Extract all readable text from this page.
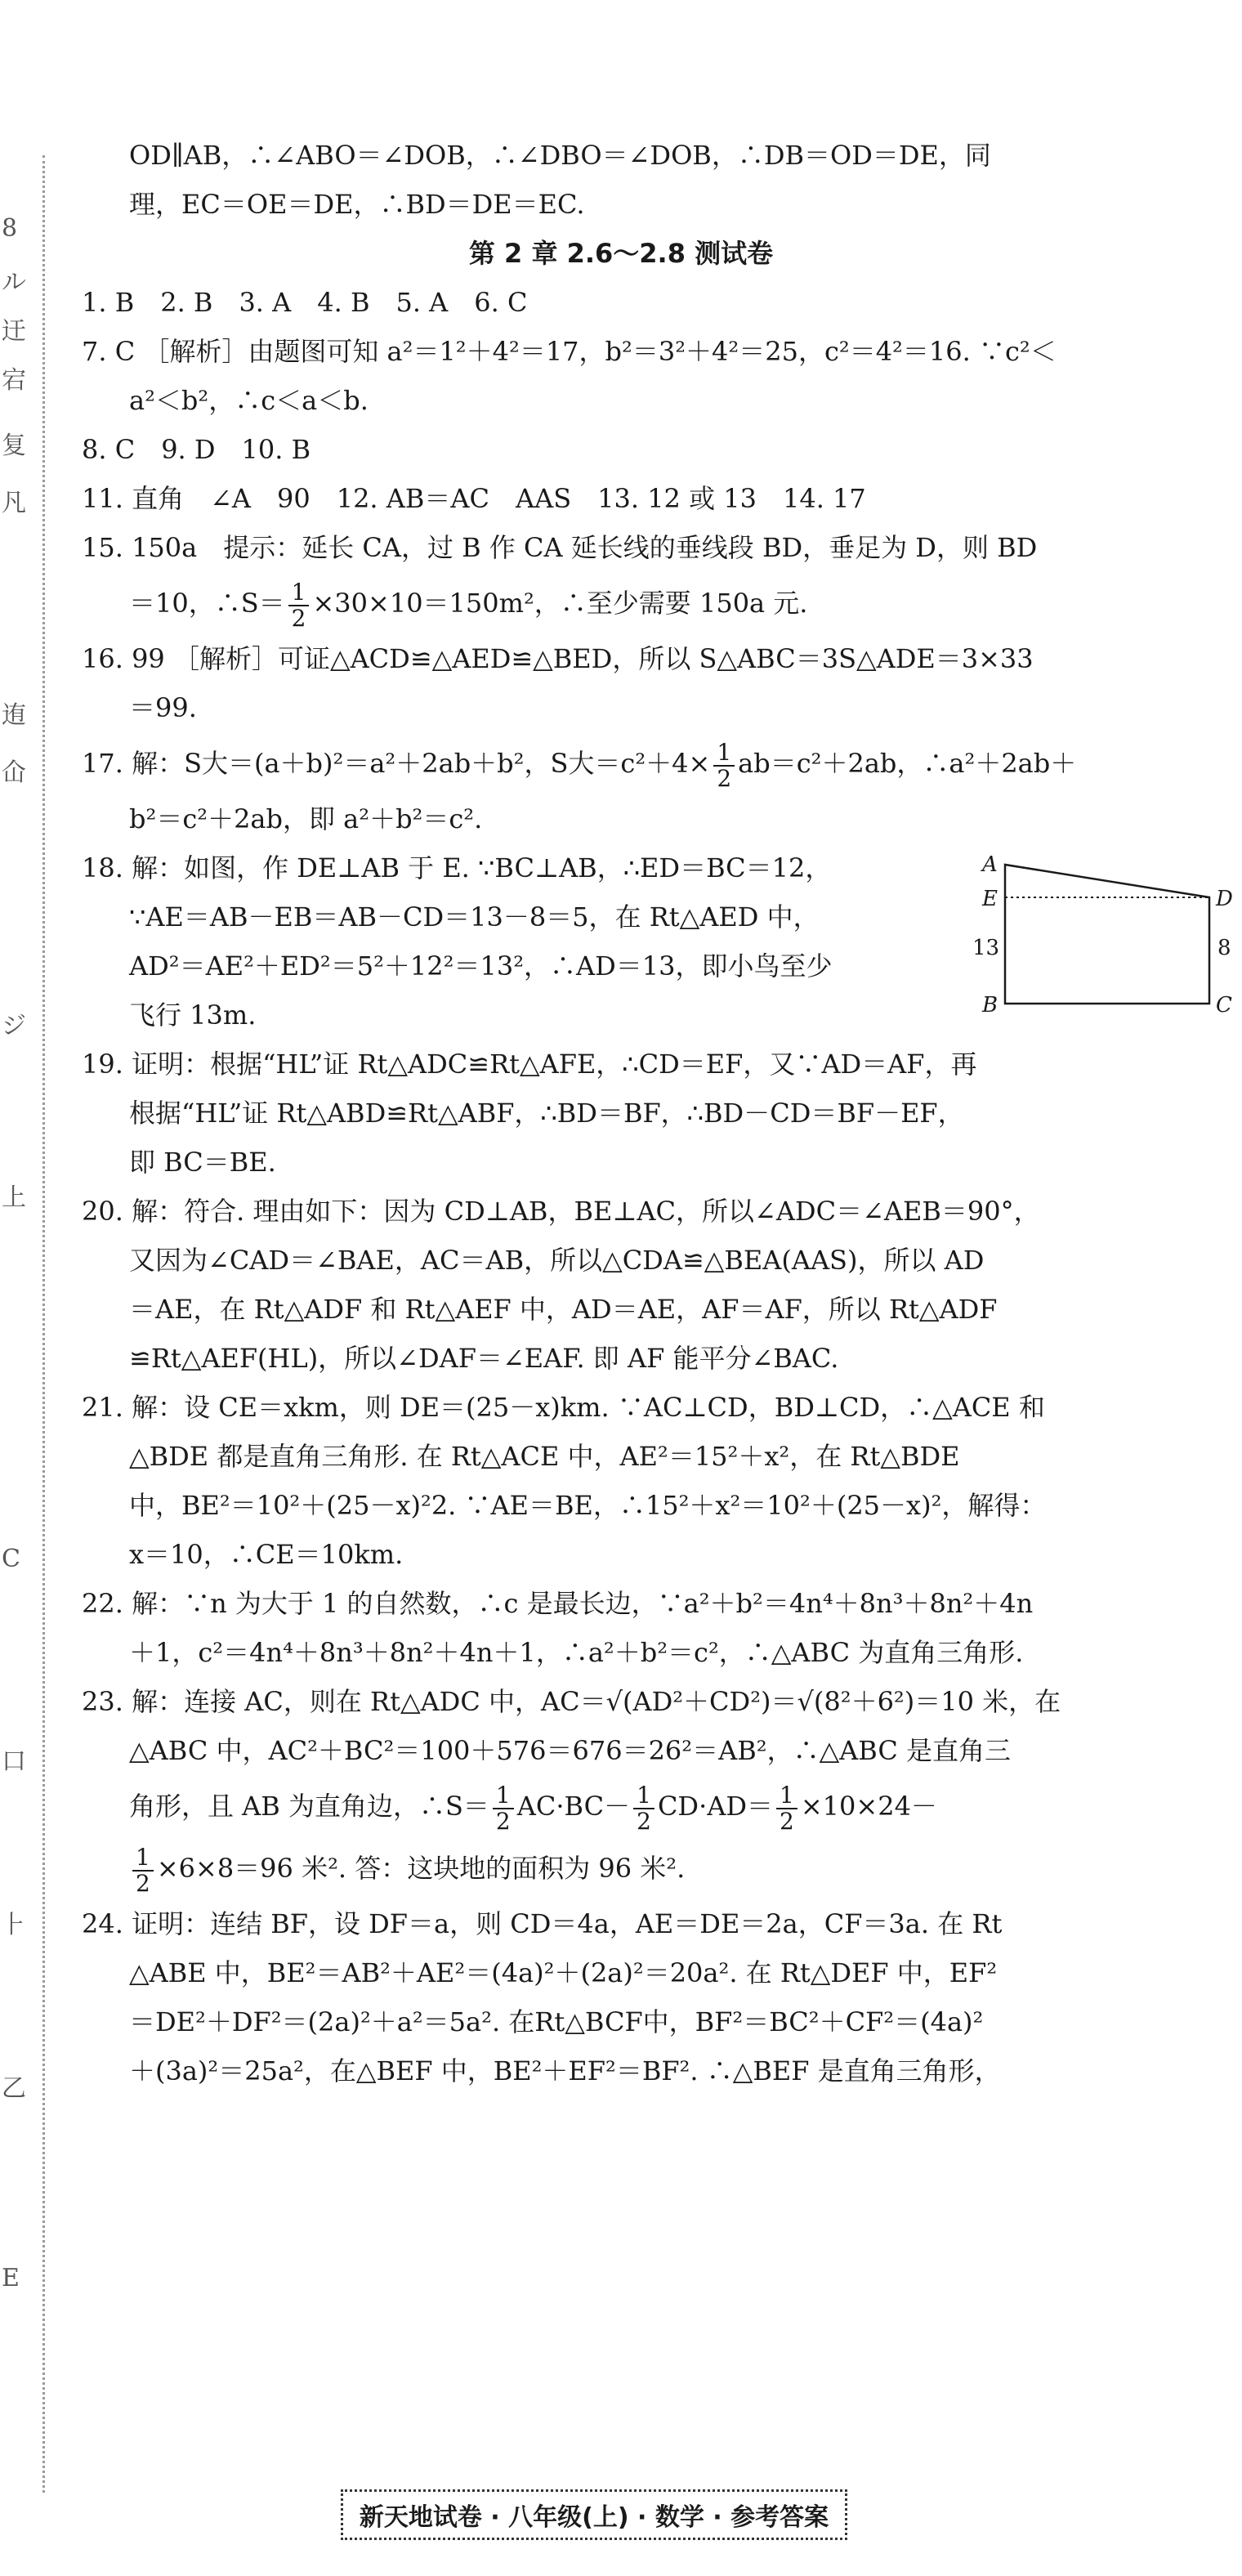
8
ル
迀
宕
复
凡
迶
仚
ジ
上
C
口
⺊
乙
E
OD∥AB，∴∠ABO＝∠DOB，∴∠DBO＝∠DOB，∴DB＝OD＝DE，同
理，EC＝OE＝DE，∴BD＝DE＝EC.
第 2 章 2.6～2.8 测试卷
1. B　2. B　3. A　4. B　5. A　6. C
7. C ［解析］由题图可知 a²＝1²＋4²＝17，b²＝3²＋4²＝25，c²＝4²＝16. ∵c²＜
a²＜b²，∴c＜a＜b.
8. C　9. D　10. B
11. 直角　∠A　90　12. AB＝AC　AAS　13. 12 或 13　14. 17
15. 150a　提示：延长 CA，过 B 作 CA 延长线的垂线段 BD，垂足为 D，则 BD
＝10，∴S＝ $\frac{1}{2} \times 30\times 10=150m^2$，∴至少需要 150a 元.
16. 99 ［解析］可证△ACD≌△AED≌△BED，所以 S△ABC＝3S△ADE＝3×33
＝99.
17. 解：S大＝(a＋b)²＝a²＋2ab＋b²，S大$=c^2+4\times \frac{1}{2} ab=c^2+2ab$，∴a²＋2ab＋
b²＝c²＋2ab，即 a²＋b²＝c².
18. 解：如图，作 DE⊥AB 于 E. ∵BC⊥AB，∴ED＝BC＝12，
∵AE＝AB－EB＝AB－CD＝13－8＝5，在 Rt△AED 中，
AD²＝AE²＋ED²＝5²＋12²＝13²，∴AD＝13，即小鸟至少
飞行 13m.
A
E
B	C
D
13	8
19. 证明：根据“HL”证 Rt△ADC≌Rt△AFE，∴CD＝EF，又∵AD＝AF，再
根据“HL”证 Rt△ABD≌Rt△ABF，∴BD＝BF，∴BD－CD＝BF－EF，
即 BC＝BE.
20. 解：符合. 理由如下：因为 CD⊥AB，BE⊥AC，所以∠ADC＝∠AEB＝90°，
又因为∠CAD＝∠BAE，AC＝AB，所以△CDA≌△BEA(AAS)，所以 AD
＝AE，在 Rt△ADF 和 Rt△AEF 中，AD＝AE，AF＝AF，所以 Rt△ADF
≌Rt△AEF(HL)，所以∠DAF＝∠EAF. 即 AF 能平分∠BAC.
21. 解：设 CE＝xkm，则 DE＝(25－x)km. ∵AC⊥CD，BD⊥CD，∴△ACE 和
△BDE 都是直角三角形. 在 Rt△ACE 中，AE²＝15²＋x²，在 Rt△BDE
中，BE²＝10²＋(25－x)²2. ∵AE＝BE，∴15²＋x²＝10²＋(25－x)²，解得：
x＝10，∴CE＝10km.
22. 解：∵n 为大于 1 的自然数，∴c 是最长边，∵a²＋b²＝4n⁴＋8n³＋8n²＋4n
＋1，c²＝4n⁴＋8n³＋8n²＋4n＋1，∴a²＋b²＝c²，∴△ABC 为直角三角形.
23. 解：连接 AC，则在 Rt△ADC 中，AC＝√(AD²＋CD²)＝√(8²＋6²)＝10 米，在
△ABC 中，AC²＋BC²＝100＋576＝676＝26²＝AB²，∴△ABC 是直角三
角形，且 AB 为直角边，∴S＝ $\frac{1}{2} AC\cdot BC- \frac{1}{2} CD\cdot AD= \frac{1}{2} \times 10\times 24-$
$\frac{1}{2} \times 6\times 8=96$ 米². 答：这块地的面积为 96 米².
24. 证明：连结 BF，设 DF＝a，则 CD＝4a，AE＝DE＝2a，CF＝3a. 在 Rt
△ABE 中，BE²＝AB²＋AE²＝(4a)²＋(2a)²＝20a². 在 Rt△DEF 中，EF²
＝DE²＋DF²＝(2a)²＋a²＝5a². 在Rt△BCF中，BF²＝BC²＋CF²＝(4a)²
＋(3a)²＝25a²，在△BEF 中，BE²＋EF²＝BF². ∴△BEF 是直角三角形，
新天地试卷 · 八年级(上) · 数学 · 参考答案
